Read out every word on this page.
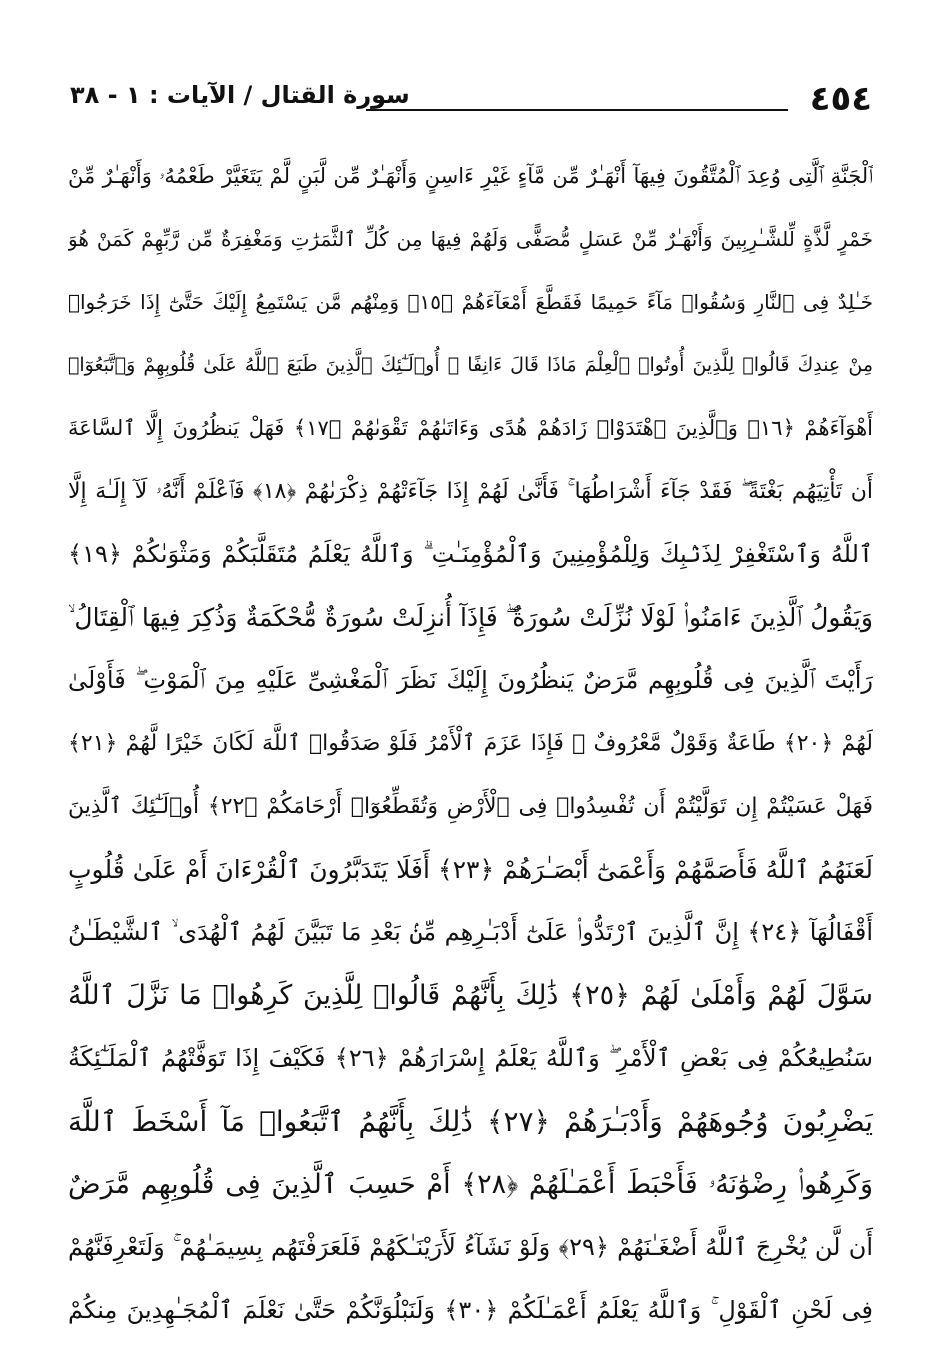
٤٥٤
سورة القتال / الآيات : ١ - ٣٨
ٱلْجَنَّةِ ٱلَّتِى وُعِدَ ٱلْمُتَّقُونَ فِيهَآ أَنْهَـٰرٌ مِّن مَّآءٍ غَيْرِ ءَاسِنٍ وَأَنْهَـٰرٌ مِّن لَّبَنٍ لَّمْ يَتَغَيَّرْ طَعْمُهُۥ وَأَنْهَـٰرٌ مِّنْ
خَمْرٍ لَّذَّةٍ لِّلشَّـٰرِبِينَ وَأَنْهَـٰرٌ مِّنْ عَسَلٍ مُّصَفًّى وَلَهُمْ فِيهَا مِن كُلِّ ٱلثَّمَرَٰتِ وَمَغْفِرَةٌ مِّن رَّبِّهِمْ كَمَنْ هُوَ
خَـٰلِدٌ فِى ٱلنَّارِ وَسُقُوا۟ مَآءً حَمِيمًا فَقَطَّعَ أَمْعَآءَهُمْ ﴿١٥﴾ وَمِنْهُم مَّن يَسْتَمِعُ إِلَيْكَ حَتَّىٰٓ إِذَا خَرَجُوا۟
مِنْ عِندِكَ قَالُوا۟ لِلَّذِينَ أُوتُوا۟ ٱلْعِلْمَ مَاذَا قَالَ ءَانِفًا ۚ أُو۟لَـٰٓئِكَ ٱلَّذِينَ طَبَعَ ٱللَّهُ عَلَىٰ قُلُوبِهِمْ وَٱتَّبَعُوٓا۟
أَهْوَآءَهُمْ ﴿١٦﴾ وَٱلَّذِينَ ٱهْتَدَوْا۟ زَادَهُمْ هُدًى وَءَاتَىٰهُمْ تَقْوَىٰهُمْ ﴿١٧﴾ فَهَلْ يَنظُرُونَ إِلَّا ٱلسَّاعَةَ
أَن تَأْتِيَهُم بَغْتَةً ۖ فَقَدْ جَآءَ أَشْرَاطُهَا ۚ فَأَنَّىٰ لَهُمْ إِذَا جَآءَتْهُمْ ذِكْرَىٰهُمْ ﴿١٨﴾ فَٱعْلَمْ أَنَّهُۥ لَآ إِلَـٰهَ إِلَّا
ٱللَّهُ وَٱسْتَغْفِرْ لِذَنۢبِكَ وَلِلْمُؤْمِنِينَ وَٱلْمُؤْمِنَـٰتِ ۗ وَٱللَّهُ يَعْلَمُ مُتَقَلَّبَكُمْ وَمَثْوَىٰكُمْ ﴿١٩﴾
وَيَقُولُ ٱلَّذِينَ ءَامَنُوا۟ لَوْلَا نُزِّلَتْ سُورَةٌ ۖ فَإِذَآ أُنزِلَتْ سُورَةٌ مُّحْكَمَةٌ وَذُكِرَ فِيهَا ٱلْقِتَالُ ۙ
رَأَيْتَ ٱلَّذِينَ فِى قُلُوبِهِم مَّرَضٌ يَنظُرُونَ إِلَيْكَ نَظَرَ ٱلْمَغْشِىِّ عَلَيْهِ مِنَ ٱلْمَوْتِ ۖ فَأَوْلَىٰ
لَهُمْ ﴿٢٠﴾ طَاعَةٌ وَقَوْلٌ مَّعْرُوفٌ ۚ فَإِذَا عَزَمَ ٱلْأَمْرُ فَلَوْ صَدَقُوا۟ ٱللَّهَ لَكَانَ خَيْرًا لَّهُمْ ﴿٢١﴾
فَهَلْ عَسَيْتُمْ إِن تَوَلَّيْتُمْ أَن تُفْسِدُوا۟ فِى ٱلْأَرْضِ وَتُقَطِّعُوٓا۟ أَرْحَامَكُمْ ﴿٢٢﴾ أُو۟لَـٰٓئِكَ ٱلَّذِينَ
لَعَنَهُمُ ٱللَّهُ فَأَصَمَّهُمْ وَأَعْمَىٰٓ أَبْصَـٰرَهُمْ ﴿٢٣﴾ أَفَلَا يَتَدَبَّرُونَ ٱلْقُرْءَانَ أَمْ عَلَىٰ قُلُوبٍ
أَقْفَالُهَآ ﴿٢٤﴾ إِنَّ ٱلَّذِينَ ٱرْتَدُّوا۟ عَلَىٰٓ أَدْبَـٰرِهِم مِّنۢ بَعْدِ مَا تَبَيَّنَ لَهُمُ ٱلْهُدَى ۙ ٱلشَّيْطَـٰنُ
سَوَّلَ لَهُمْ وَأَمْلَىٰ لَهُمْ ﴿٢٥﴾ ذَٰلِكَ بِأَنَّهُمْ قَالُوا۟ لِلَّذِينَ كَرِهُوا۟ مَا نَزَّلَ ٱللَّهُ
سَنُطِيعُكُمْ فِى بَعْضِ ٱلْأَمْرِ ۖ وَٱللَّهُ يَعْلَمُ إِسْرَارَهُمْ ﴿٢٦﴾ فَكَيْفَ إِذَا تَوَفَّتْهُمُ ٱلْمَلَـٰٓئِكَةُ
يَضْرِبُونَ وُجُوهَهُمْ وَأَدْبَـٰرَهُمْ ﴿٢٧﴾ ذَٰلِكَ بِأَنَّهُمُ ٱتَّبَعُوا۟ مَآ أَسْخَطَ ٱللَّهَ
وَكَرِهُوا۟ رِضْوَٰنَهُۥ فَأَحْبَطَ أَعْمَـٰلَهُمْ ﴿٢٨﴾ أَمْ حَسِبَ ٱلَّذِينَ فِى قُلُوبِهِم مَّرَضٌ
أَن لَّن يُخْرِجَ ٱللَّهُ أَضْغَـٰنَهُمْ ﴿٢٩﴾ وَلَوْ نَشَآءُ لَأَرَيْنَـٰكَهُمْ فَلَعَرَفْتَهُم بِسِيمَـٰهُمْ ۚ وَلَتَعْرِفَنَّهُمْ
فِى لَحْنِ ٱلْقَوْلِ ۚ وَٱللَّهُ يَعْلَمُ أَعْمَـٰلَكُمْ ﴿٣٠﴾ وَلَنَبْلُوَنَّكُمْ حَتَّىٰ نَعْلَمَ ٱلْمُجَـٰهِدِينَ مِنكُمْ
